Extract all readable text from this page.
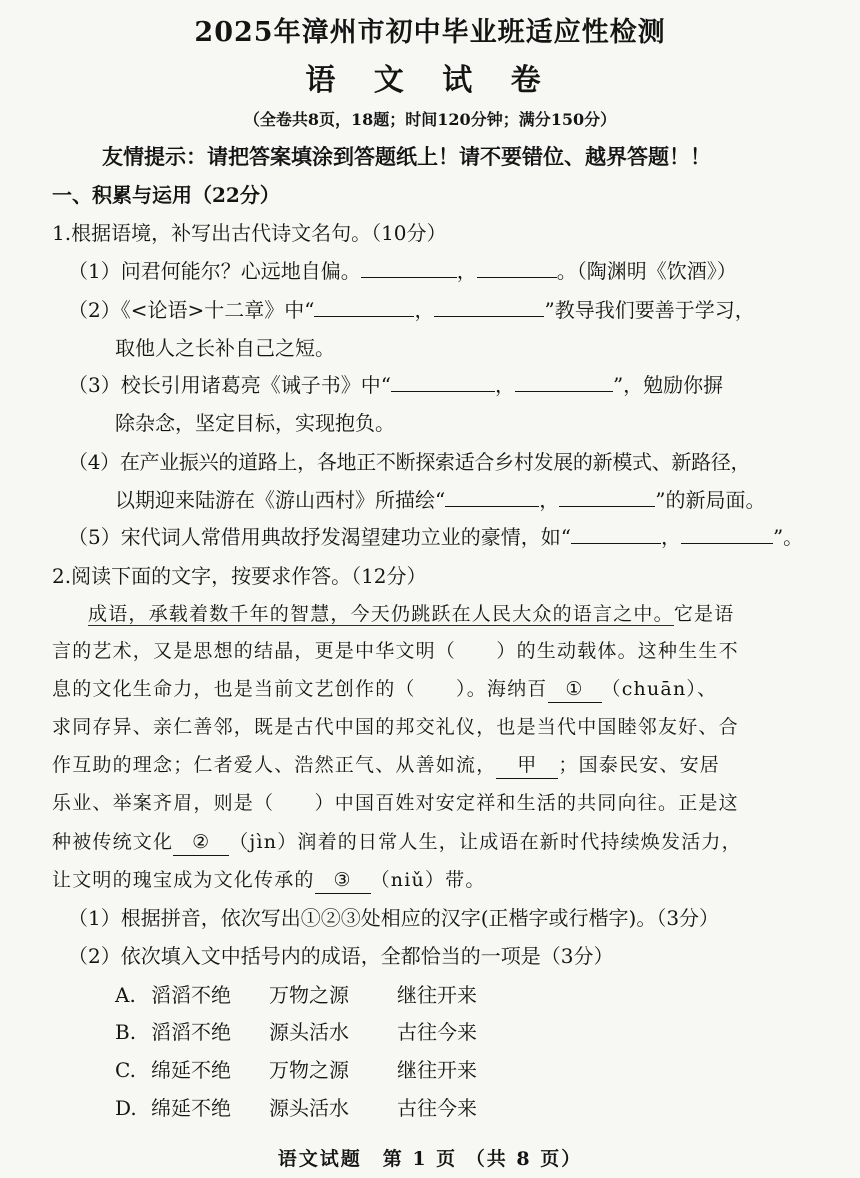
2025年漳州市初中毕业班适应性检测
语 文 试 卷
（全卷共8页，18题；时间120分钟；满分150分）
友情提示：请把答案填涂到答题纸上！请不要错位、越界答题！！
一、积累与运用（22分）
1.根据语境，补写出古代诗文名句。（10分）
（1）问君何能尔？心远地自偏。	，	。（陶渊明《饮酒》）
（2）《<论语>十二章》中“	，	”教导我们要善于学习，
取他人之长补自己之短。
（3）校长引用诸葛亮《诫子书》中“	，	”，勉励你摒
除杂念，坚定目标，实现抱负。
（4）在产业振兴的道路上，各地正不断探索适合乡村发展的新模式、新路径，
以期迎来陆游在《游山西村》所描绘“	，	”的新局面。
（5）宋代词人常借用典故抒发渴望建功立业的豪情，如“	，	”。
2.阅读下面的文字，按要求作答。（12分）
成语，承载着数千年的智慧，今天仍跳跃在人民大众的语言之中。它是语
言的艺术，又是思想的结晶，更是中华文明（　　）的生动载体。这种生生不
息的文化生命力，也是当前文艺创作的（　　）。海纳百 ① （chuān）、
求同存异、亲仁善邻，既是古代中国的邦交礼仪，也是当代中国睦邻友好、合
作互助的理念；仁者爱人、浩然正气、从善如流， 甲 ；国泰民安、安居
乐业、举案齐眉，则是（　　）中国百姓对安定祥和生活的共同向往。正是这
种被传统文化 ② （jìn）润着的日常人生，让成语在新时代持续焕发活力，
让文明的瑰宝成为文化传承的 ③ （niǔ）带。
（1）根据拼音，依次写出①②③处相应的汉字(正楷字或行楷字)。（3分）
（2）依次填入文中括号内的成语，全都恰当的一项是（3分）
A. 滔滔不绝 万物之源 继往开来
B. 滔滔不绝 源头活水 古往今来
C. 绵延不绝 万物之源 继往开来
D. 绵延不绝 源头活水 古往今来
语文试题　第 1 页 （共 8 页）
